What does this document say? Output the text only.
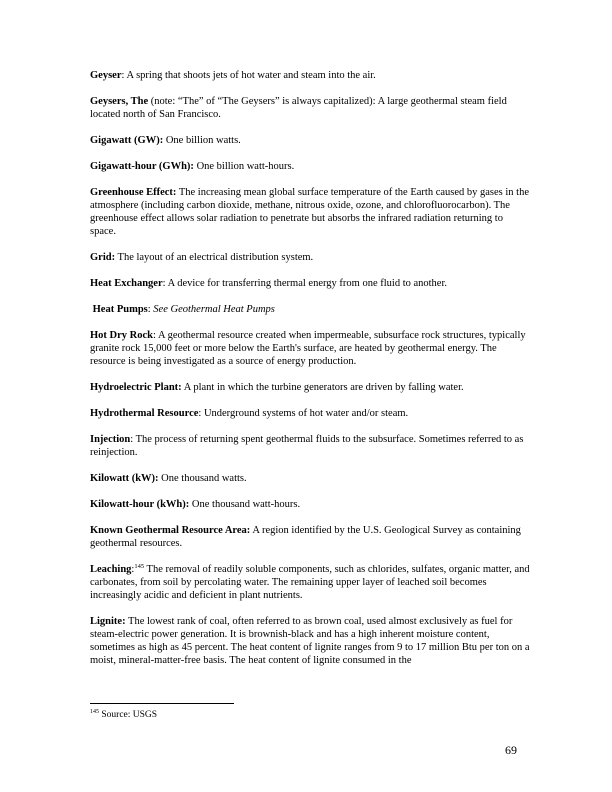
Geyser: A spring that shoots jets of hot water and steam into the air.

Geysers, The (note: “The” of “The Geysers” is always capitalized): A large geothermal steam field located north of San Francisco.

Gigawatt (GW): One billion watts.

Gigawatt-hour (GWh): One billion watt-hours.

Greenhouse Effect: The increasing mean global surface temperature of the Earth caused by gases in the atmosphere (including carbon dioxide, methane, nitrous oxide, ozone, and chlorofluorocarbon). The greenhouse effect allows solar radiation to penetrate but absorbs the infrared radiation returning to space.

Grid: The layout of an electrical distribution system.

Heat Exchanger: A device for transferring thermal energy from one fluid to another.

Heat Pumps: See Geothermal Heat Pumps

Hot Dry Rock: A geothermal resource created when impermeable, subsurface rock structures, typically granite rock 15,000 feet or more below the Earth's surface, are heated by geothermal energy. The resource is being investigated as a source of energy production.

Hydroelectric Plant: A plant in which the turbine generators are driven by falling water.

Hydrothermal Resource: Underground systems of hot water and/or steam.

Injection: The process of returning spent geothermal fluids to the subsurface. Sometimes referred to as reinjection.

Kilowatt (kW): One thousand watts.

Kilowatt-hour (kWh): One thousand watt-hours.

Known Geothermal Resource Area: A region identified by the U.S. Geological Survey as containing geothermal resources.

Leaching:$^{145}$ The removal of readily soluble components, such as chlorides, sulfates, organic matter, and carbonates, from soil by percolating water. The remaining upper layer of leached soil becomes increasingly acidic and deficient in plant nutrients.

Lignite: The lowest rank of coal, often referred to as brown coal, used almost exclusively as fuel for steam-electric power generation. It is brownish-black and has a high inherent moisture content, sometimes as high as 45 percent. The heat content of lignite ranges from 9 to 17 million Btu per ton on a moist, mineral-matter-free basis. The heat content of lignite consumed in the

$^{145}$ Source: USGS
69
